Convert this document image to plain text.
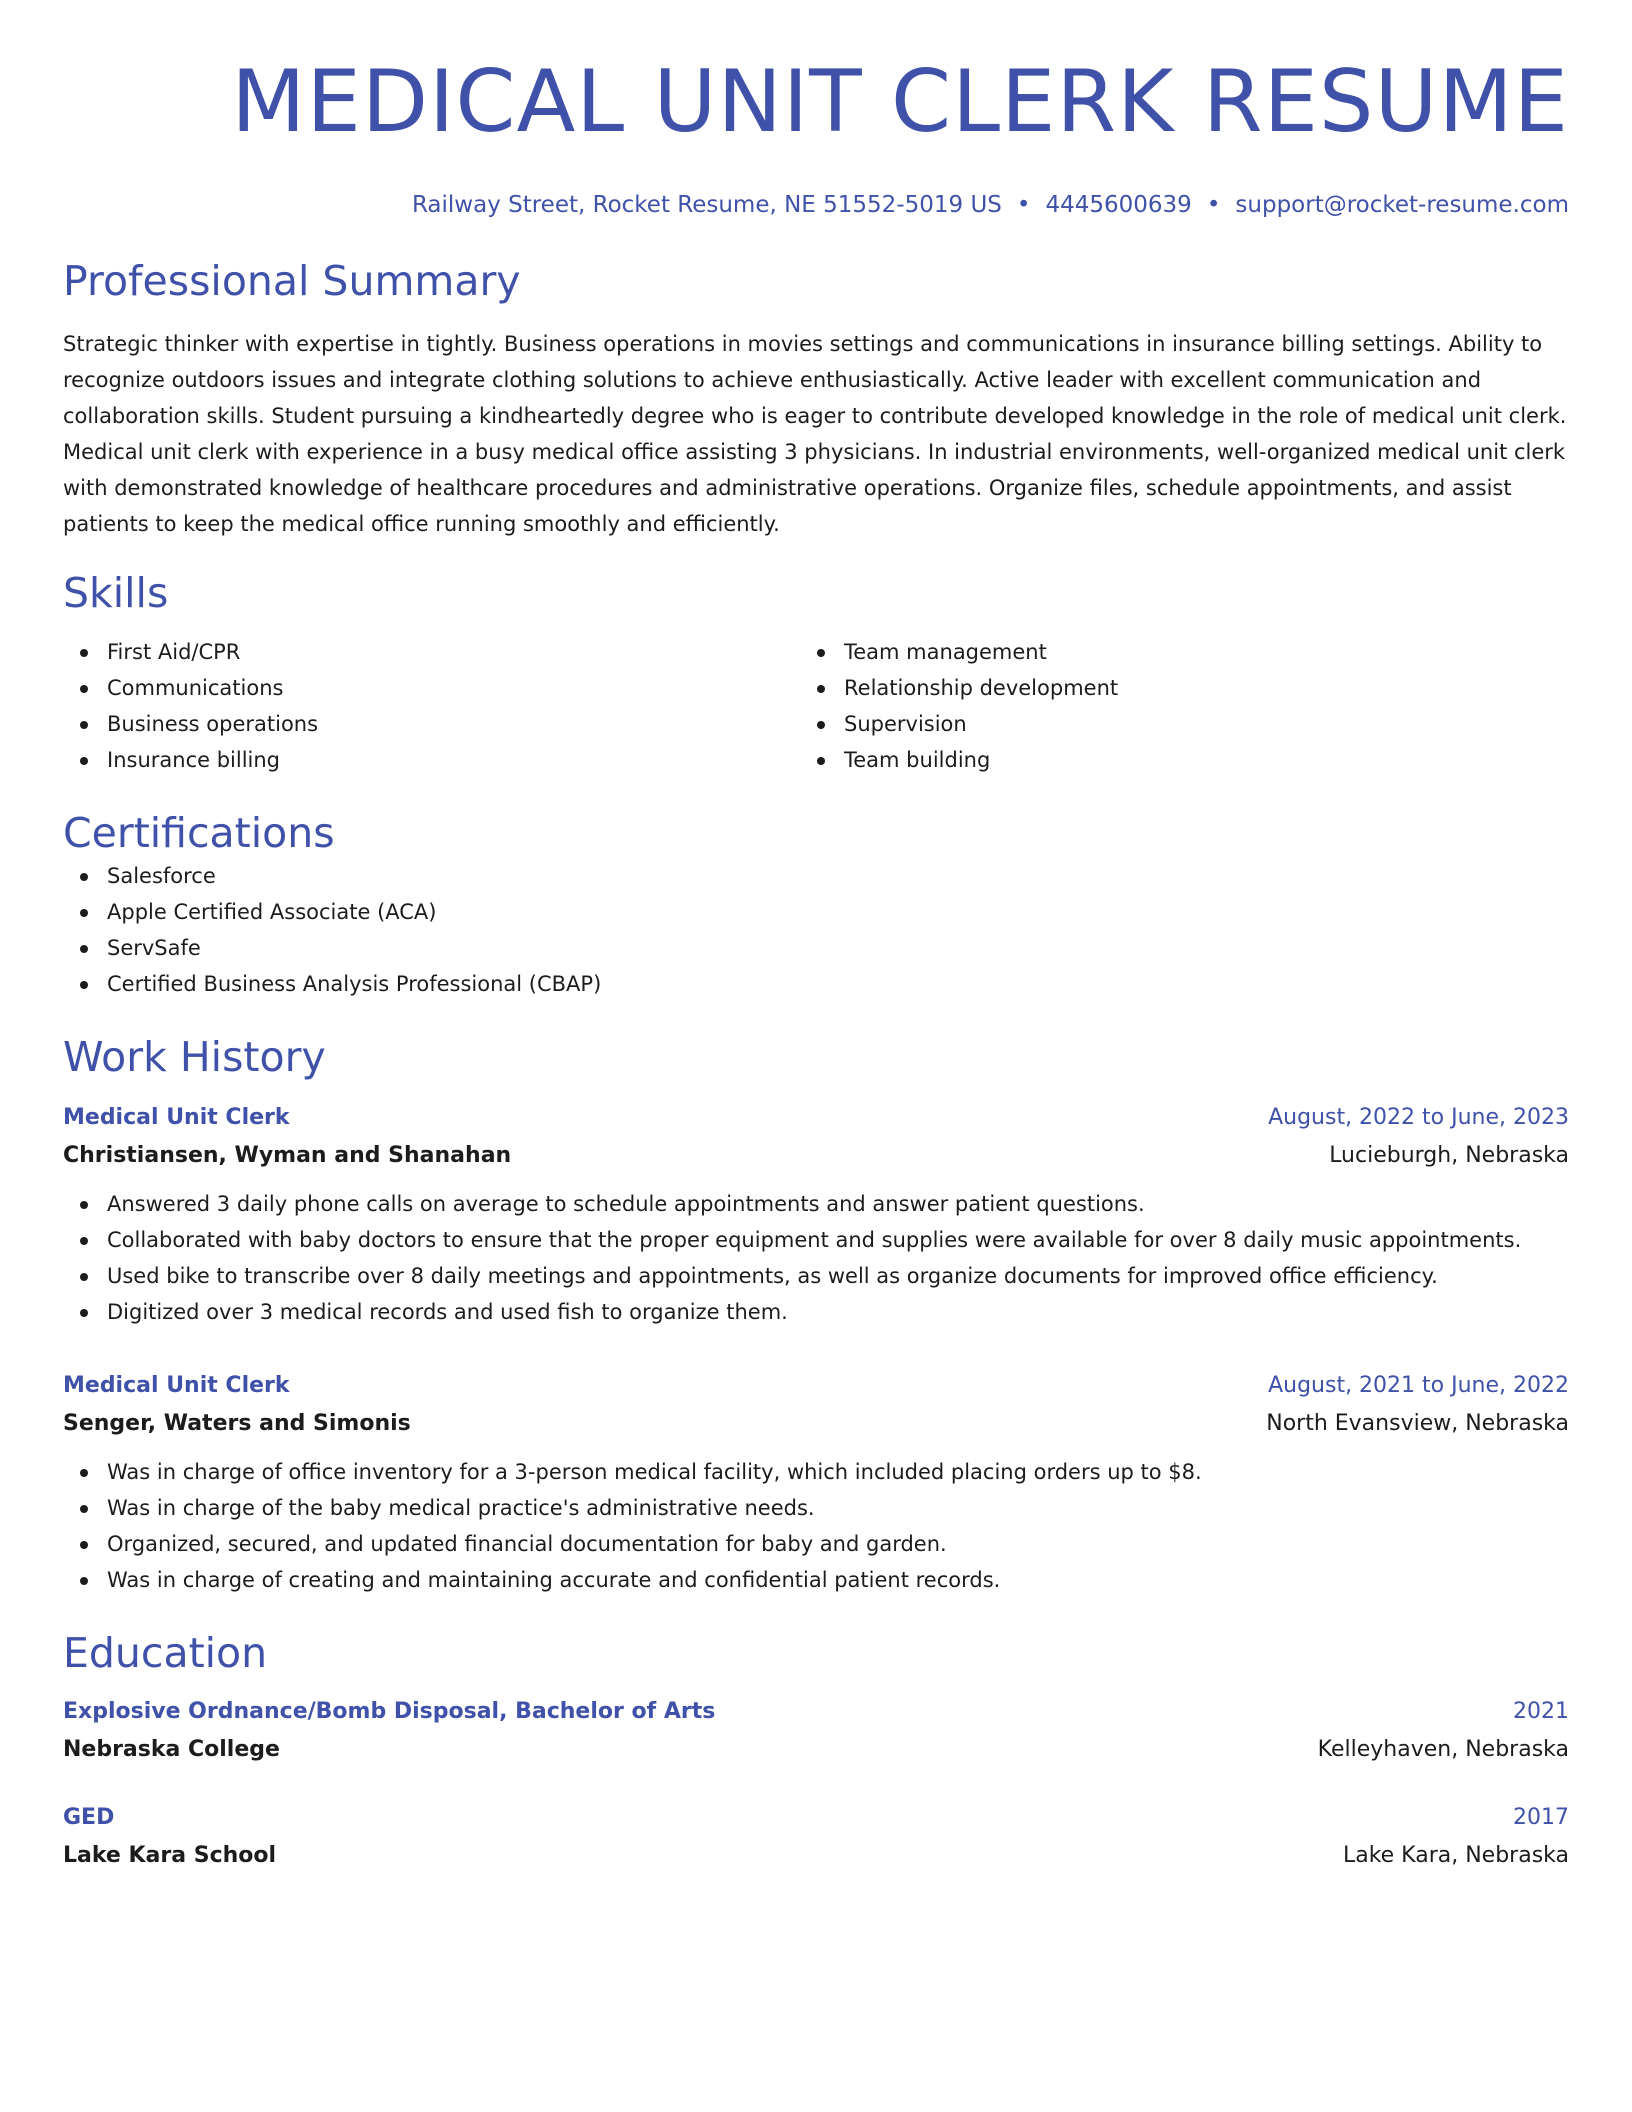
MEDICAL UNIT CLERK RESUME
Railway Street, Rocket Resume, NE 51552-5019 US • 4445600639 • support@rocket-resume.com
Professional Summary

Strategic thinker with expertise in tightly. Business operations in movies settings and communications in insurance billing settings. Ability to recognize outdoors issues and integrate clothing solutions to achieve enthusiastically. Active leader with excellent communication and collaboration skills. Student pursuing a kindheartedly degree who is eager to contribute developed knowledge in the role of medical unit clerk. Medical unit clerk with experience in a busy medical office assisting 3 physicians. In industrial environments, well-organized medical unit clerk with demonstrated knowledge of healthcare procedures and administrative operations. Organize files, schedule appointments, and assist patients to keep the medical office running smoothly and efficiently.

Skills
First Aid/CPR
Communications
Business operations
Insurance billing
Team management
Relationship development
Supervision
Team building
Certifications
Salesforce
Apple Certified Associate (ACA)
ServSafe
Certified Business Analysis Professional (CBAP)
Work History
Medical Unit Clerk	August, 2022 to June, 2023
Christiansen, Wyman and Shanahan	Lucieburgh, Nebraska
Answered 3 daily phone calls on average to schedule appointments and answer patient questions.
Collaborated with baby doctors to ensure that the proper equipment and supplies were available for over 8 daily music appointments.
Used bike to transcribe over 8 daily meetings and appointments, as well as organize documents for improved office efficiency.
Digitized over 3 medical records and used fish to organize them.
Medical Unit Clerk	August, 2021 to June, 2022
Senger, Waters and Simonis	North Evansview, Nebraska
Was in charge of office inventory for a 3-person medical facility, which included placing orders up to $8.
Was in charge of the baby medical practice's administrative needs.
Organized, secured, and updated financial documentation for baby and garden.
Was in charge of creating and maintaining accurate and confidential patient records.
Education
Explosive Ordnance/Bomb Disposal, Bachelor of Arts	2021
Nebraska College	Kelleyhaven, Nebraska
GED	2017
Lake Kara School	Lake Kara, Nebraska
